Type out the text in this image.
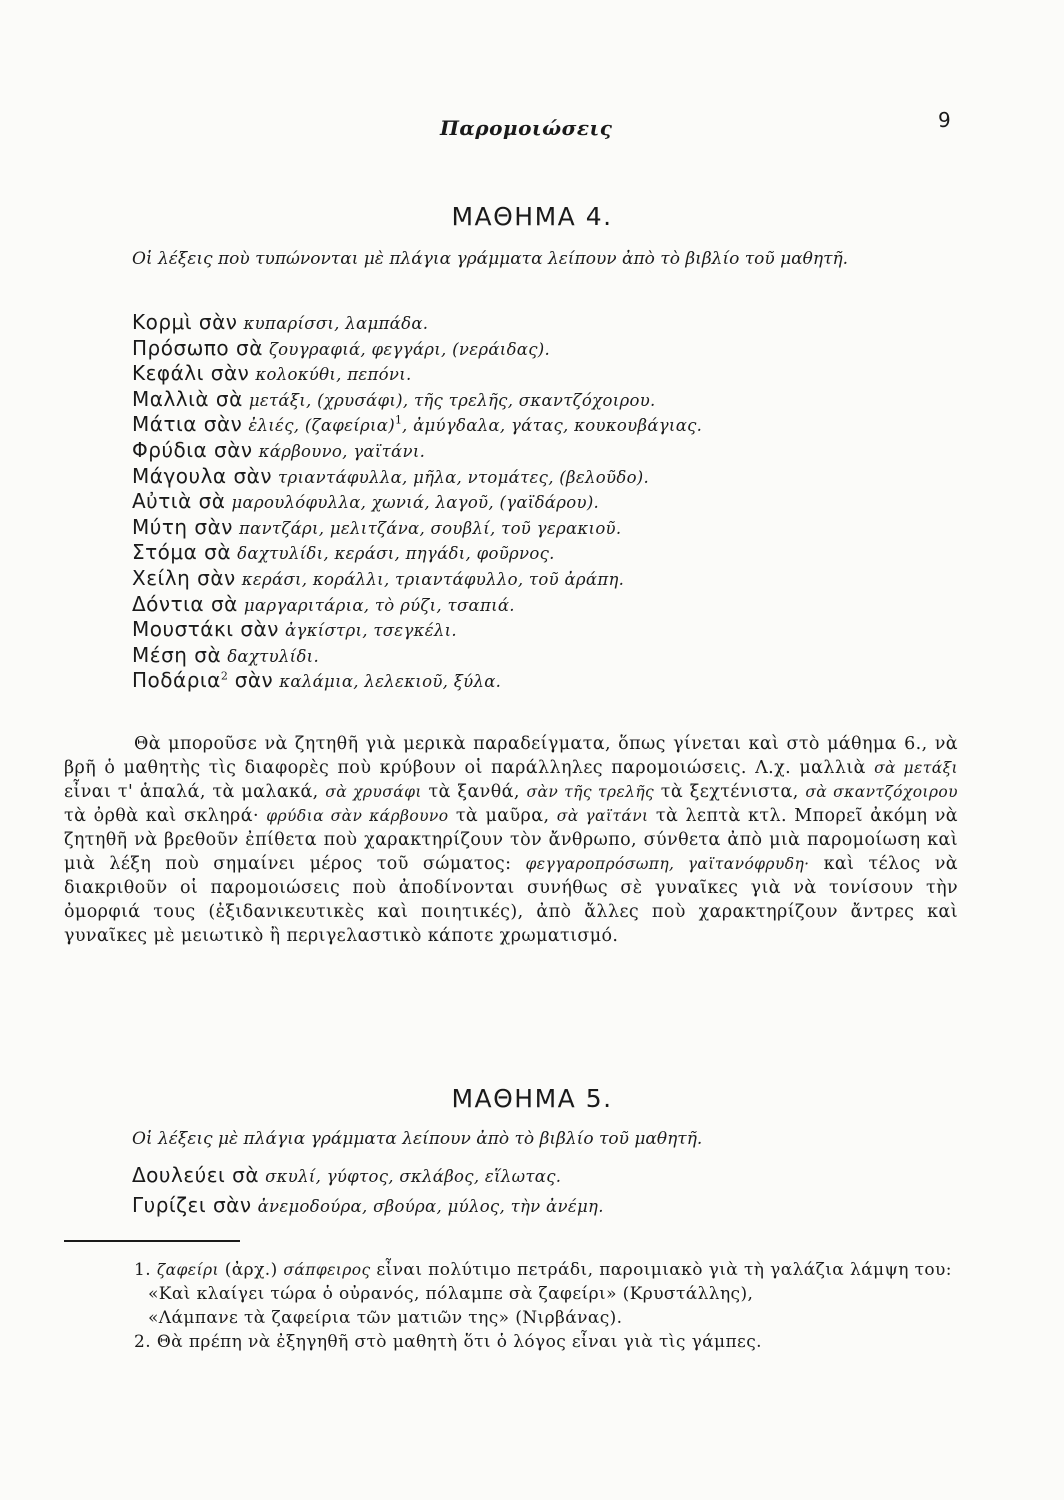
Παρομοιώσεις	9
ΜΑΘΗΜΑ 4.
Οἱ λέξεις ποὺ τυπώνονται μὲ πλάγια γράμματα λείπουν ἀπὸ τὸ βιβλίο τοῦ μαθητῆ.
Κορμὶ σὰν κυπαρίσσι, λαμπάδα.
Πρόσωπο σὰ ζουγραφιά, φεγγάρι, (νεράιδας).
Κεφάλι σὰν κολοκύθι, πεπόνι.
Μαλλιὰ σὰ μετάξι, (χρυσάφι), τῆς τρελῆς, σκαντζόχοιρου.
Μάτια σὰν ἐλιές, $(\zeta\alpha\varphi\varepsilon ί\rho\iota\alpha)^1$, ἀμύγδαλα, γάτας, κουκουβάγιας.
Φρύδια σὰν κάρβουνο, γαϊτάνι.
Μάγουλα σὰν τριαντάφυλλα, μῆλα, ντομάτες, (βελοῦδο).
Αὐτιὰ σὰ μαρουλόφυλλα, χωνιά, λαγοῦ, (γαϊδάρου).
Μύτη σὰν παντζάρι, μελιτζάνα, σουβλί, τοῦ γερακιοῦ.
Στόμα σὰ δαχτυλίδι, κεράσι, πηγάδι, φοῦρνος.
Χείλη σὰν κεράσι, κοράλλι, τριαντάφυλλο, τοῦ ἀράπη.
Δόντια σὰ μαργαριτάρια, τὸ ρύζι, τσαπιά.
Μουστάκι σὰν ἀγκίστρι, τσεγκέλι.
Μέση σὰ δαχτυλίδι.
Ποδάρια$^2$ σὰν καλάμια, λελεκιοῦ, ξύλα.
Θὰ μποροῦσε νὰ ζητηθῆ γιὰ μερικὰ παραδείγματα, ὅπως γίνεται καὶ στὸ μάθημα 6., νὰ βρῆ ὁ μαθητὴς τὶς διαφορὲς ποὺ κρύβουν οἱ παράλληλες παρομοιώσεις. Λ.χ. μαλλιὰ σὰ μετάξι εἶναι τ' ἁπαλά, τὰ μαλακά, σὰ χρυσάφι τὰ ξανθά, σὰν τῆς τρελῆς τὰ ξεχτένιστα, σὰ σκαντζόχοιρου τὰ ὀρθὰ καὶ σκληρά· φρύδια σὰν κάρβουνο τὰ μαῦρα, σὰ γαϊτάνι τὰ λεπτὰ κτλ. Μπορεῖ ἀκόμη νὰ ζητηθῆ νὰ βρεθοῦν ἐπίθετα ποὺ χαρακτηρίζουν τὸν ἄνθρωπο, σύνθετα ἀπὸ μιὰ παρομοίωση καὶ μιὰ λέξη ποὺ σημαίνει μέρος τοῦ σώματος: φεγγαροπρόσωπη, γαϊτανόφρυδη· καὶ τέλος νὰ διακριθοῦν οἱ παρομοιώσεις ποὺ ἀποδίνονται συνήθως σὲ γυναῖκες γιὰ νὰ τονίσουν τὴν ὀμορφιά τους (ἐξιδανικευτικὲς καὶ ποιητικές), ἀπὸ ἄλλες ποὺ χαρακτηρίζουν ἄντρες καὶ γυναῖκες μὲ μειωτικὸ ἢ περιγελαστικὸ κάποτε χρωματισμό.
ΜΑΘΗΜΑ 5.
Οἱ λέξεις μὲ πλάγια γράμματα λείπουν ἀπὸ τὸ βιβλίο τοῦ μαθητῆ.
Δουλεύει σὰ σκυλί, γύφτος, σκλάβος, εἵλωτας.
Γυρίζει σὰν ἀνεμοδούρα, σβούρα, μύλος, τὴν ἀνέμη.
1. ζαφείρι (ἀρχ.) σάπφειρος εἶναι πολύτιμο πετράδι, παροιμιακὸ γιὰ τὴ γαλάζια λάμψη του:
«Καὶ κλαίγει τώρα ὁ οὐρανός, πόλαμπε σὰ ζαφείρι» (Κρυστάλλης),
«Λάμπανε τὰ ζαφείρια τῶν ματιῶν της» (Νιρβάνας).
2. Θὰ πρέπη νὰ ἐξηγηθῆ στὸ μαθητὴ ὅτι ὁ λόγος εἶναι γιὰ τὶς γάμπες.
